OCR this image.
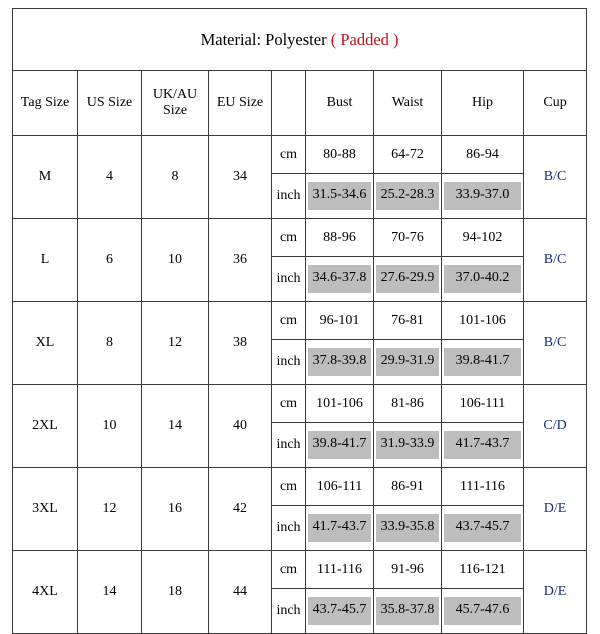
Material: Polyester ( Padded )								
Tag Size	US Size	UK/AU Size	EU Size		Bust	Waist	Hip	Cup
M	4	8	34	cm	80-88	64-72	86-94	B/C
				inch	31.5-34.6	25.2-28.3	33.9-37.0	

L	6	10	36	cm	88-96	70-76	94-102	B/C
				inch	34.6-37.8	27.6-29.9	37.0-40.2	

XL	8	12	38	cm	96-101	76-81	101-106	B/C
				inch	37.8-39.8	29.9-31.9	39.8-41.7	

2XL	10	14	40	cm	101-106	81-86	106-111	C/D
				inch	39.8-41.7	31.9-33.9	41.7-43.7	

3XL	12	16	42	cm	106-111	86-91	111-116	D/E
				inch	41.7-43.7	33.9-35.8	43.7-45.7	

4XL	14	18	44	cm	111-116	91-96	116-121	D/E
				inch	43.7-45.7	35.8-37.8	45.7-47.6	
